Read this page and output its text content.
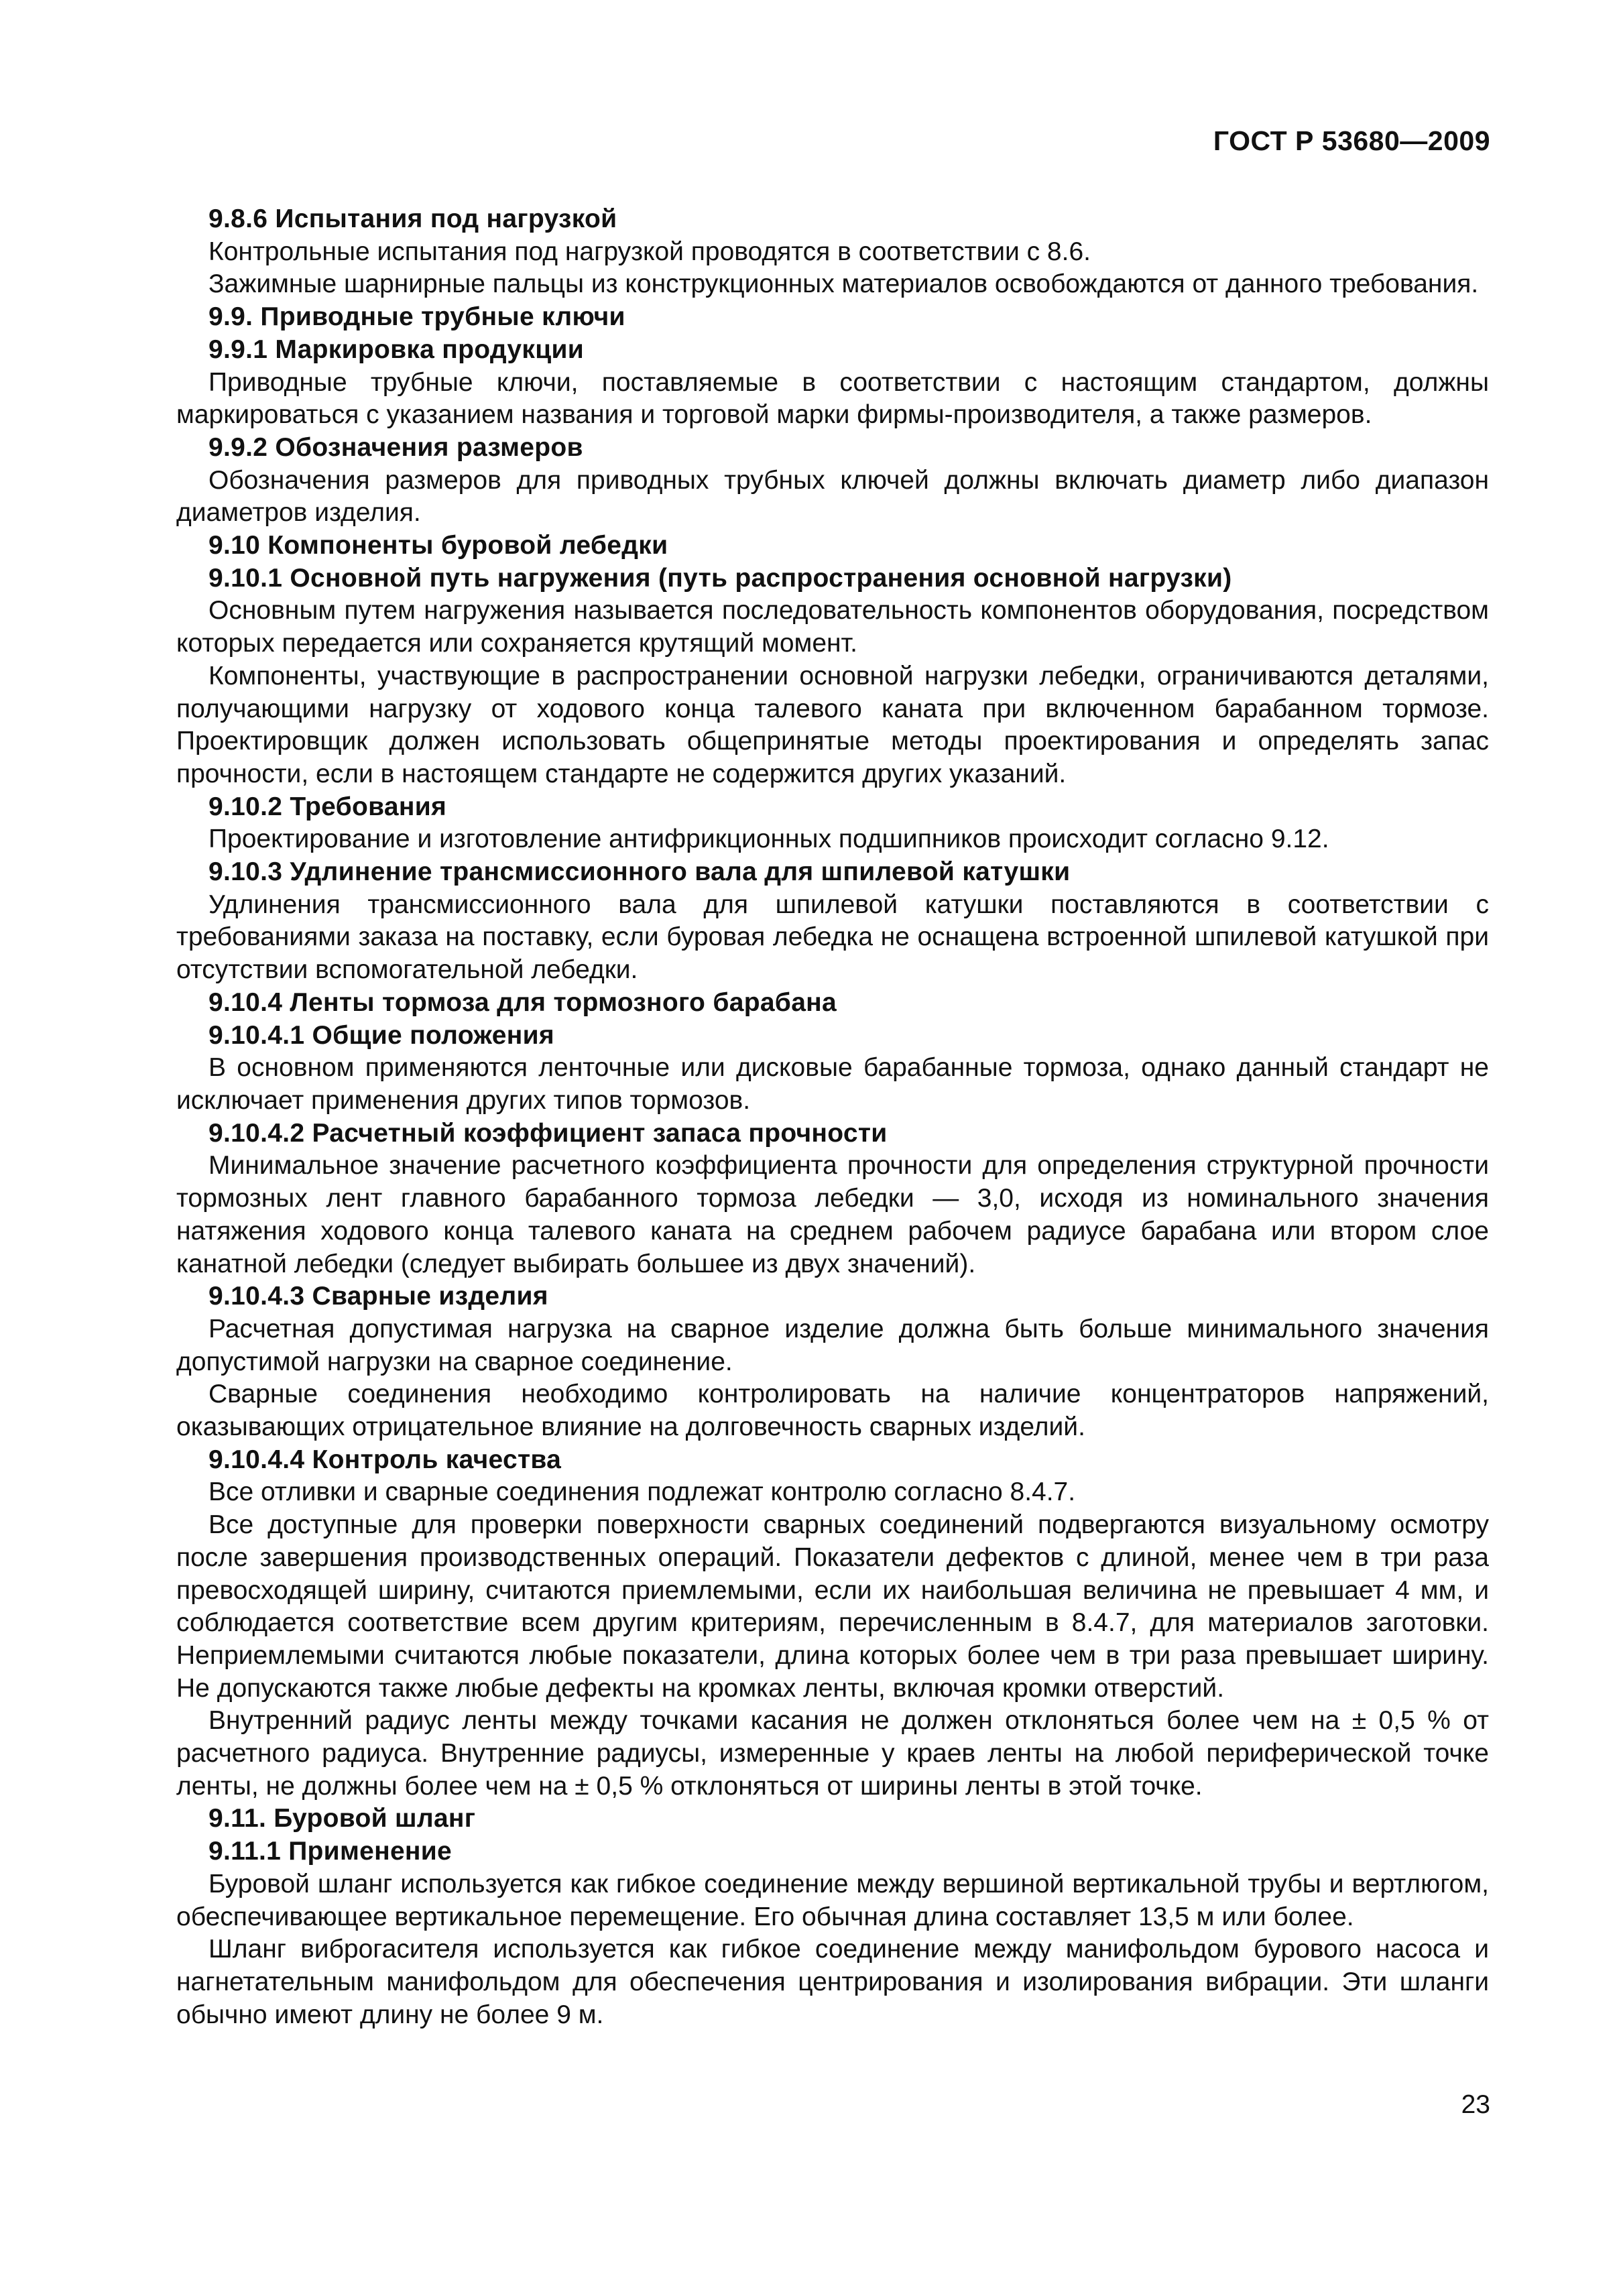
ГОСТ Р 53680—2009

9.8.6 Испытания под нагрузкой

Контрольные испытания под нагрузкой проводятся в соответствии с 8.6.

Зажимные шарнирные пальцы из конструкционных материалов освобождаются от данного требования.

9.9. Приводные трубные ключи

9.9.1 Маркировка продукции

Приводные трубные ключи, поставляемые в соответствии с настоящим стандартом, должны маркироваться с указанием названия и торговой марки фирмы-производителя, а также размеров.

9.9.2 Обозначения размеров

Обозначения размеров для приводных трубных ключей должны включать диаметр либо диапазон диаметров изделия.

9.10 Компоненты буровой лебедки

9.10.1 Основной путь нагружения (путь распространения основной нагрузки)

Основным путем нагружения называется последовательность компонентов оборудования, посредством которых передается или сохраняется крутящий момент.

Компоненты, участвующие в распространении основной нагрузки лебедки, ограничиваются деталями, получающими нагрузку от ходового конца талевого каната при включенном барабанном тормозе. Проектировщик должен использовать общепринятые методы проектирования и определять запас прочности, если в настоящем стандарте не содержится других указаний.

9.10.2 Требования

Проектирование и изготовление антифрикционных подшипников происходит согласно 9.12.

9.10.3 Удлинение трансмиссионного вала для шпилевой катушки

Удлинения трансмиссионного вала для шпилевой катушки поставляются в соответствии с требованиями заказа на поставку, если буровая лебедка не оснащена встроенной шпилевой катушкой при отсутствии вспомогательной лебедки.

9.10.4 Ленты тормоза для тормозного барабана

9.10.4.1 Общие положения

В основном применяются ленточные или дисковые барабанные тормоза, однако данный стандарт не исключает применения других типов тормозов.

9.10.4.2 Расчетный коэффициент запаса прочности

Минимальное значение расчетного коэффициента прочности для определения структурной прочности тормозных лент главного барабанного тормоза лебедки — 3,0, исходя из номинального значения натяжения ходового конца талевого каната на среднем рабочем радиусе барабана или втором слое канатной лебедки (следует выбирать большее из двух значений).

9.10.4.3 Сварные изделия

Расчетная допустимая нагрузка на сварное изделие должна быть больше минимального значения допустимой нагрузки на сварное соединение.

Сварные соединения необходимо контролировать на наличие концентраторов напряжений, оказывающих отрицательное влияние на долговечность сварных изделий.

9.10.4.4 Контроль качества

Все отливки и сварные соединения подлежат контролю согласно 8.4.7.

Все доступные для проверки поверхности сварных соединений подвергаются визуальному осмотру после завершения производственных операций. Показатели дефектов с длиной, менее чем в три раза превосходящей ширину, считаются приемлемыми, если их наибольшая величина не превышает 4 мм, и соблюдается соответствие всем другим критериям, перечисленным в 8.4.7, для материалов заготовки. Неприемлемыми считаются любые показатели, длина которых более чем в три раза превышает ширину. Не допускаются также любые дефекты на кромках ленты, включая кромки отверстий.

Внутренний радиус ленты между точками касания не должен отклоняться более чем на ± 0,5 % от расчетного радиуса. Внутренние радиусы, измеренные у краев ленты на любой периферической точке ленты, не должны более чем на ± 0,5 % отклоняться от ширины ленты в этой точке.

9.11. Буровой шланг

9.11.1 Применение

Буровой шланг используется как гибкое соединение между вершиной вертикальной трубы и вертлюгом, обеспечивающее вертикальное перемещение. Его обычная длина составляет 13,5 м или более.

Шланг виброгасителя используется как гибкое соединение между манифольдом бурового насоса и нагнетательным манифольдом для обеспечения центрирования и изолирования вибрации. Эти шланги обычно имеют длину не более 9 м.

23
